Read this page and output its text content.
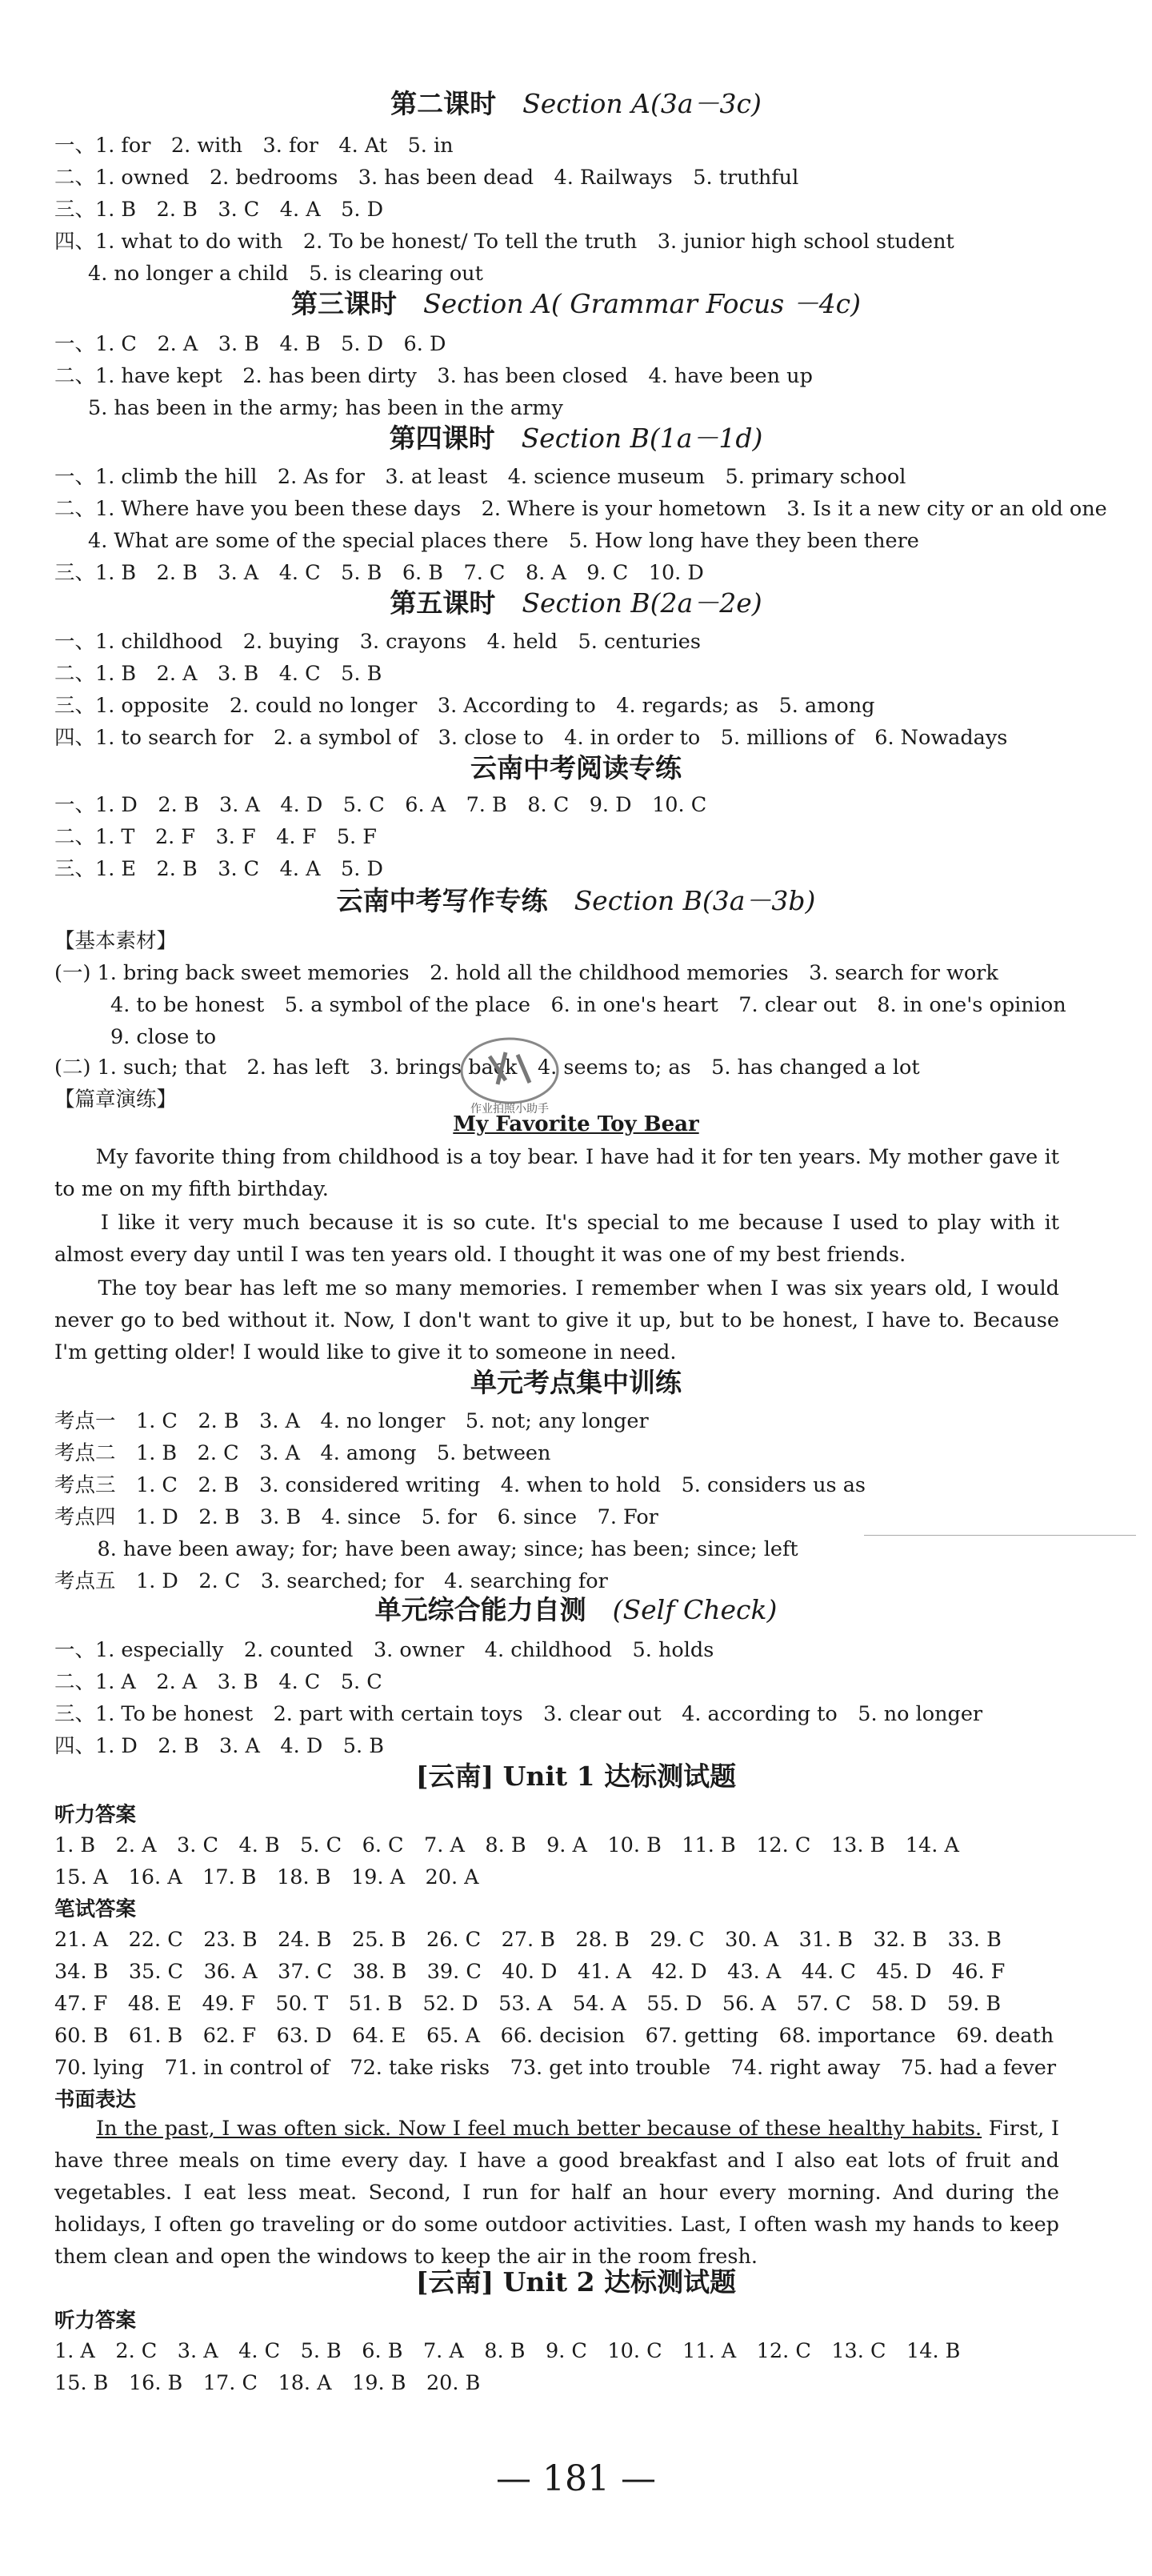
第二课时　 Section A(3a－3c)
一、1. for　2. with　3. for　4. At　5. in
二、1. owned　2. bedrooms　3. has been dead　4. Railways　5. truthful
三、1. B　2. B　3. C　4. A　5. D
四、1. what to do with　2. To be honest/ To tell the truth　3. junior high school student
4. no longer a child　5. is clearing out
第三课时　 Section A( Grammar Focus －4c)
一、1. C　2. A　3. B　4. B　5. D　6. D
二、1. have kept　2. has been dirty　3. has been closed　4. have been up
5. has been in the army; has been in the army
第四课时　 Section B(1a－1d)
一、1. climb the hill　2. As for　3. at least　4. science museum　5. primary school
二、1. Where have you been these days　2. Where is your hometown　3. Is it a new city or an old one
4. What are some of the special places there　5. How long have they been there
三、1. B　2. B　3. A　4. C　5. B　6. B　7. C　8. A　9. C　10. D
第五课时　 Section B(2a－2e)
一、1. childhood　2. buying　3. crayons　4. held　5. centuries
二、1. B　2. A　3. B　4. C　5. B
三、1. opposite　2. could no longer　3. According to　4. regards; as　5. among
四、1. to search for　2. a symbol of　3. close to　4. in order to　5. millions of　6. Nowadays
云南中考阅读专练
一、1. D　2. B　3. A　4. D　5. C　6. A　7. B　8. C　9. D　10. C
二、1. T　2. F　3. F　4. F　5. F
三、1. E　2. B　3. C　4. A　5. D
云南中考写作专练　 Section B(3a－3b)
【基本素材】
(一) 1. bring back sweet memories　2. hold all the childhood memories　3. search for work
4. to be honest　5. a symbol of the place　6. in one's heart　7. clear out　8. in one's opinion
9. close to
(二) 1. such; that　2. has left　3. brings back　4. seems to; as　5. has changed a lot
【篇章演练】
My Favorite Toy Bear
　　My favorite thing from childhood is a toy bear. I have had it for ten years. My mother gave it to me on my fifth birthday.
　　I like it very much because it is so cute. It's special to me because I used to play with it almost every day until I was ten years old. I thought it was one of my best friends.
　　The toy bear has left me so many memories. I remember when I was six years old, I would never go to bed without it. Now, I don't want to give it up, but to be honest, I have to. Because I'm getting older! I would like to give it to someone in need.
单元考点集中训练
考点一　1. C　2. B　3. A　4. no longer　5. not; any longer
考点二　1. B　2. C　3. A　4. among　5. between
考点三　1. C　2. B　3. considered writing　4. when to hold　5. considers us as
考点四　1. D　2. B　3. B　4. since　5. for　6. since　7. For
　8. have been away; for; have been away; since; has been; since; left
考点五　1. D　2. C　3. searched; for　4. searching for
单元综合能力自测　 (Self Check)
一、1. especially　2. counted　3. owner　4. childhood　5. holds
二、1. A　2. A　3. B　4. C　5. C
三、1. To be honest　2. part with certain toys　3. clear out　4. according to　5. no longer
四、1. D　2. B　3. A　4. D　5. B
[云南] Unit 1 达标测试题
听力答案
1. B　2. A　3. C　4. B　5. C　6. C　7. A　8. B　9. A　10. B　11. B　12. C　13. B　14. A
15. A　16. A　17. B　18. B　19. A　20. A
笔试答案
21. A　22. C　23. B　24. B　25. B　26. C　27. B　28. B　29. C　30. A　31. B　32. B　33. B
34. B　35. C　36. A　37. C　38. B　39. C　40. D　41. A　42. D　43. A　44. C　45. D　46. F
47. F　48. E　49. F　50. T　51. B　52. D　53. A　54. A　55. D　56. A　57. C　58. D　59. B
60. B　61. B　62. F　63. D　64. E　65. A　66. decision　67. getting　68. importance　69. death
70. lying　71. in control of　72. take risks　73. get into trouble　74. right away　75. had a fever
书面表达
　　In the past, I was often sick. Now I feel much better because of these healthy habits. First, I have three meals on time every day. I have a good breakfast and I also eat lots of fruit and vegetables. I eat less meat. Second, I run for half an hour every morning. And during the holidays, I often go traveling or do some outdoor activities. Last, I often wash my hands to keep them clean and open the windows to keep the air in the room fresh.
[云南] Unit 2 达标测试题
听力答案
1. A　2. C　3. A　4. C　5. B　6. B　7. A　8. B　9. C　10. C　11. A　12. C　13. C　14. B
15. B　16. B　17. C　18. A　19. B　20. B
作业拍照小助手
— 181 —
